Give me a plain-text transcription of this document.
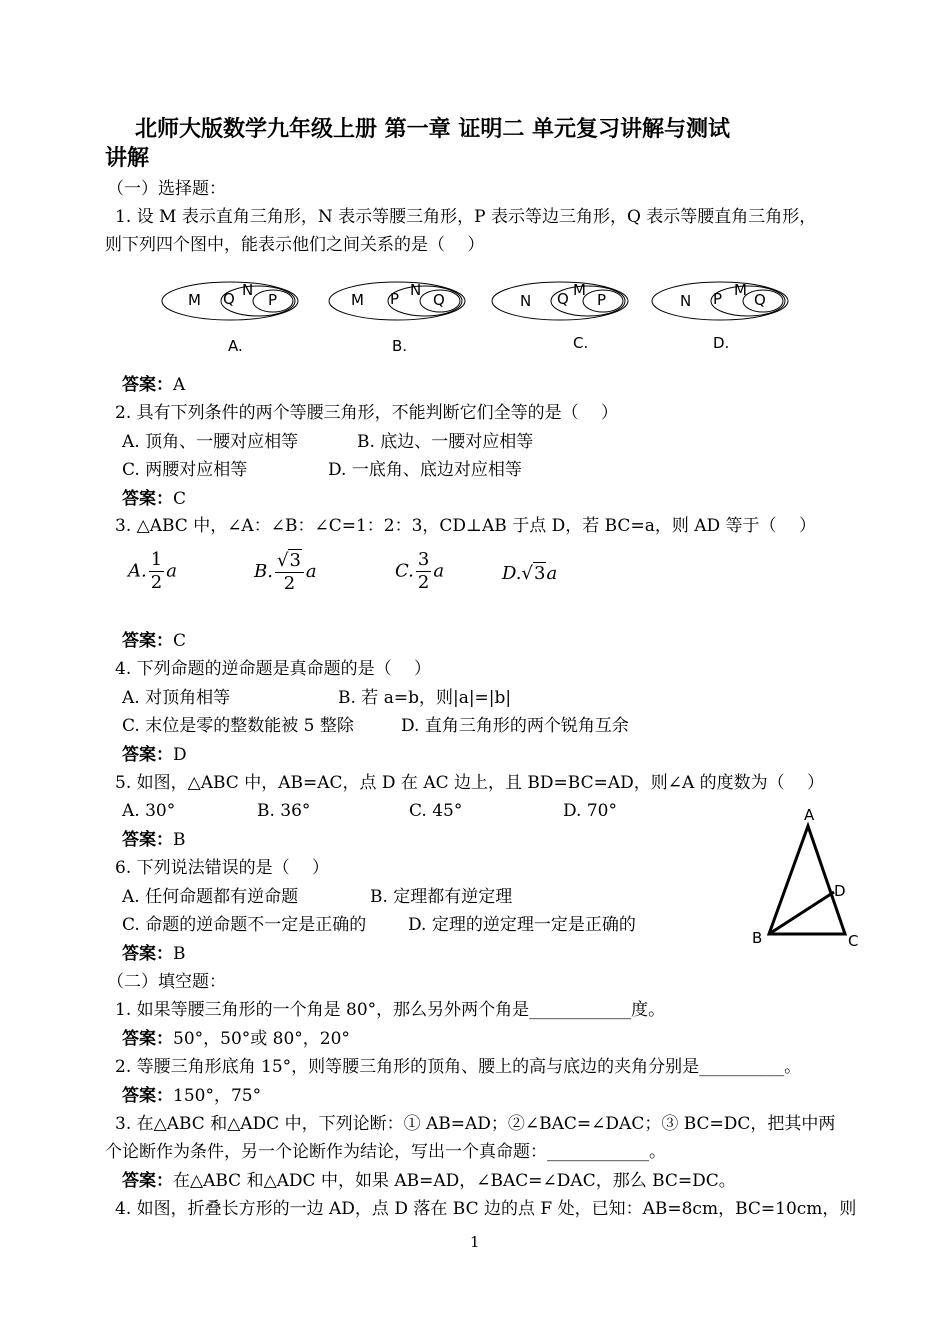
北师大版数学九年级上册 第一章 证明二 单元复习讲解与测试
讲解
（一）选择题：
1. 设 M 表示直角三角形，N 表示等腰三角形，P 表示等边三角形，Q 表示等腰直角三角形，
则下列四个图中，能表示他们之间关系的是（　 ）
M Q N
P
A.
M P N
Q
B.
N Q M
P
C.
N P M
Q
D.
答案：A
2. 具有下列条件的两个等腰三角形，不能判断它们全等的是（　 ）
A. 顶角、一腰对应相等	B. 底边、一腰对应相等
C. 两腰对应相等	D. 一底角、底边对应相等
答案：C
3. △ABC 中，∠A：∠B：∠C=1：2：3，CD⊥AB 于点 D，若 BC=a，则 AD 等于（　 ）
A. $\frac{1}{2}$ a	B. $\frac{√3}{2}$ a	C. $\frac{3}{2}$ a	D.√3a
答案：C
4. 下列命题的逆命题是真命题的是（　 ）
A. 对顶角相等	B. 若 a=b，则|a|=|b|
C. 末位是零的整数能被 5 整除	D. 直角三角形的两个锐角互余
答案：D
5. 如图，△ABC 中，AB=AC，点 D 在 AC 边上，且 BD=BC=AD，则∠A 的度数为（　 ）
A. 30°	B. 36°	C. 45°	D. 70°
答案：B
A
B	C
D
6. 下列说法错误的是（　 ）
A. 任何命题都有逆命题	B. 定理都有逆定理
C. 命题的逆命题不一定是正确的 D. 定理的逆定理一定是正确的
答案：B
（二）填空题：
1. 如果等腰三角形的一个角是 80°，那么另外两个角是____________度。
答案：50°，50°或 80°，20°
2. 等腰三角形底角 15°，则等腰三角形的顶角、腰上的高与底边的夹角分别是__________。
答案：150°，75°
3. 在△ABC 和△ADC 中，下列论断：① AB=AD；②∠BAC=∠DAC；③ BC=DC，把其中两
个论断作为条件，另一个论断作为结论，写出一个真命题：____________。
答案：在△ABC 和△ADC 中，如果 AB=AD，∠BAC=∠DAC，那么 BC=DC。
4. 如图，折叠长方形的一边 AD，点 D 落在 BC 边的点 F 处，已知：AB=8cm，BC=10cm，则
1
